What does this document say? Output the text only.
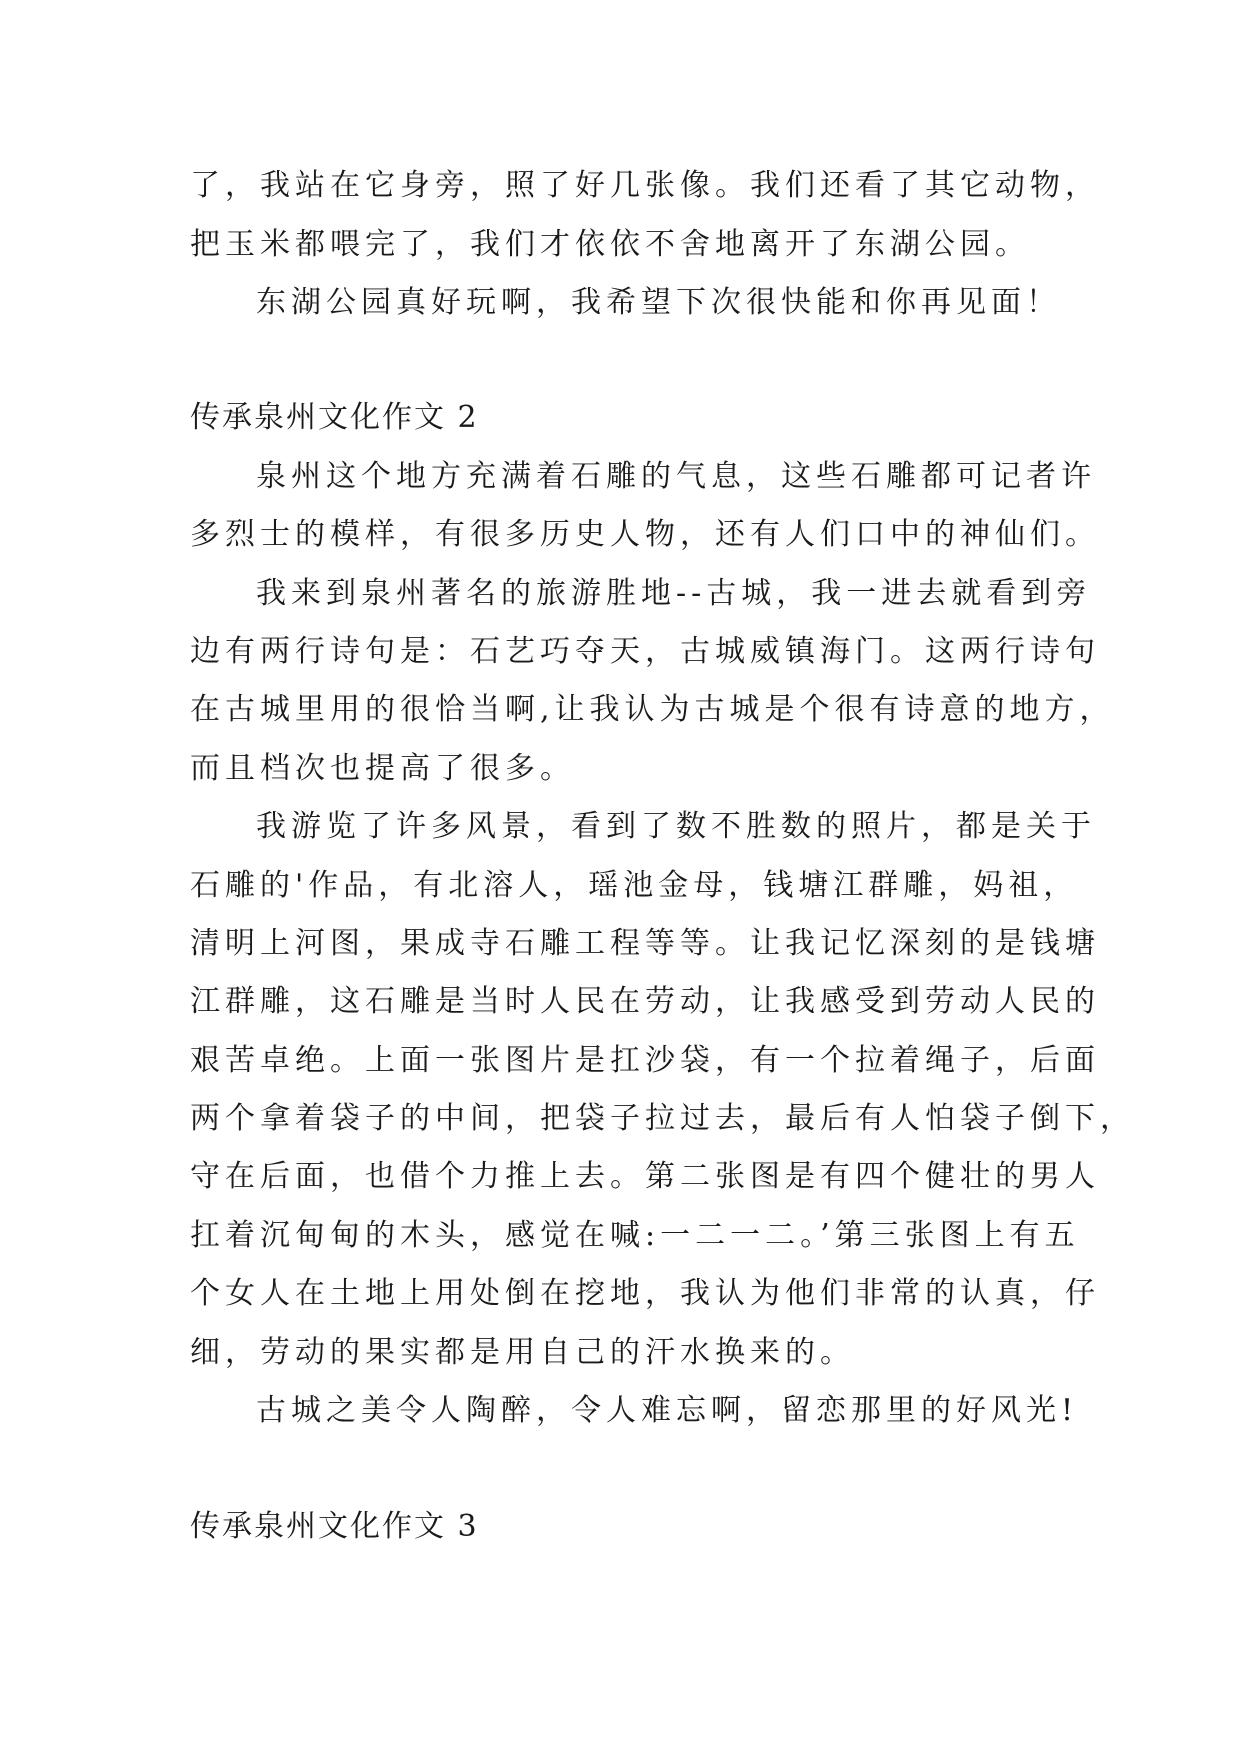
了，我站在它身旁，照了好几张像。我们还看了其它动物，
把玉米都喂完了，我们才依依不舍地离开了东湖公园。
东湖公园真好玩啊，我希望下次很快能和你再见面！
传承泉州文化作文 2
泉州这个地方充满着石雕的气息，这些石雕都可记者许
多烈士的模样，有很多历史人物，还有人们口中的神仙们。
我来到泉州著名的旅游胜地--古城，我一进去就看到旁
边有两行诗句是：石艺巧夺天，古城威镇海门。这两行诗句
在古城里用的很恰当啊,让我认为古城是个很有诗意的地方，
而且档次也提高了很多。
我游览了许多风景，看到了数不胜数的照片，都是关于
石雕的'作品，有北溶人，瑶池金母，钱塘江群雕，妈祖，
清明上河图，果成寺石雕工程等等。让我记忆深刻的是钱塘
江群雕，这石雕是当时人民在劳动，让我感受到劳动人民的
艰苦卓绝。上面一张图片是扛沙袋，有一个拉着绳子，后面
两个拿着袋子的中间，把袋子拉过去，最后有人怕袋子倒下，
守在后面，也借个力推上去。第二张图是有四个健壮的男人
扛着沉甸甸的木头，感觉在喊:一二一二。’第三张图上有五
个女人在土地上用处倒在挖地，我认为他们非常的认真，仔
细，劳动的果实都是用自己的汗水换来的。
古城之美令人陶醉，令人难忘啊，留恋那里的好风光!
传承泉州文化作文 3
